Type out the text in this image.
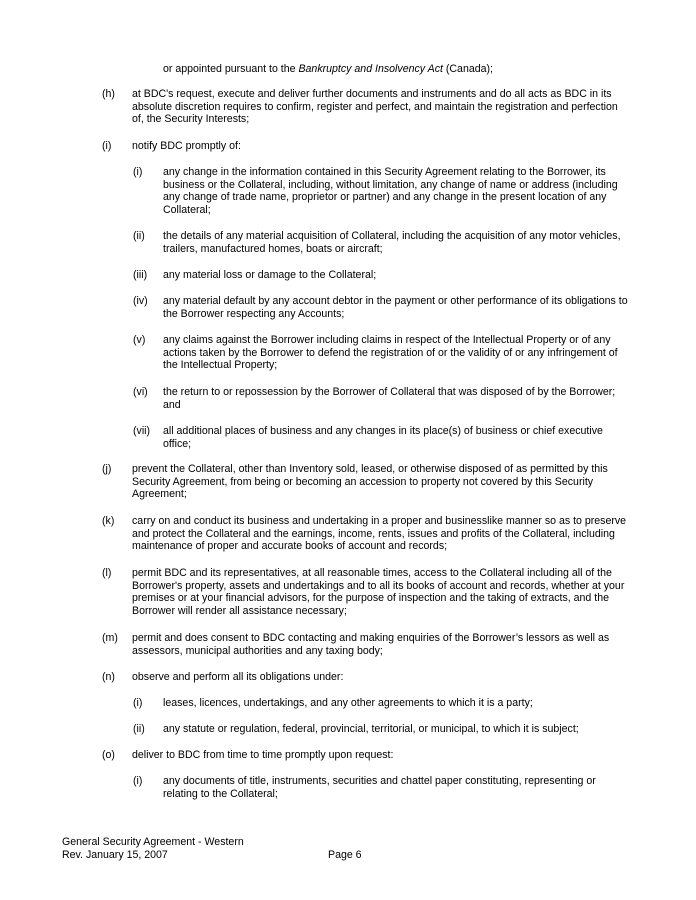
or appointed pursuant to the Bankruptcy and Insolvency Act (Canada);

(h) at BDC's request, execute and deliver further documents and instruments and do all acts as BDC in its absolute discretion requires to confirm, register and perfect, and maintain the registration and perfection of, the Security Interests;

(i) notify BDC promptly of:

(i) any change in the information contained in this Security Agreement relating to the Borrower, its business or the Collateral, including, without limitation, any change of name or address (including any change of trade name, proprietor or partner) and any change in the present location of any Collateral;

(ii) the details of any material acquisition of Collateral, including the acquisition of any motor vehicles, trailers, manufactured homes, boats or aircraft;

(iii) any material loss or damage to the Collateral;

(iv) any material default by any account debtor in the payment or other performance of its obligations to the Borrower respecting any Accounts;

(v) any claims against the Borrower including claims in respect of the Intellectual Property or of any actions taken by the Borrower to defend the registration of or the validity of or any infringement of the Intellectual Property;

(vi) the return to or repossession by the Borrower of Collateral that was disposed of by the Borrower; and

(vii) all additional places of business and any changes in its place(s) of business or chief executive office;

(j) prevent the Collateral, other than Inventory sold, leased, or otherwise disposed of as permitted by this Security Agreement, from being or becoming an accession to property not covered by this Security Agreement;

(k) carry on and conduct its business and undertaking in a proper and businesslike manner so as to preserve and protect the Collateral and the earnings, income, rents, issues and profits of the Collateral, including maintenance of proper and accurate books of account and records;

(l) permit BDC and its representatives, at all reasonable times, access to the Collateral including all of the Borrower's property, assets and undertakings and to all its books of account and records, whether at your premises or at your financial advisors, for the purpose of inspection and the taking of extracts, and the Borrower will render all assistance necessary;

(m) permit and does consent to BDC contacting and making enquiries of the Borrower’s lessors as well as assessors, municipal authorities and any taxing body;

(n) observe and perform all its obligations under:

(i) leases, licences, undertakings, and any other agreements to which it is a party;

(ii) any statute or regulation, federal, provincial, territorial, or municipal, to which it is subject;

(o) deliver to BDC from time to time promptly upon request:

(i) any documents of title, instruments, securities and chattel paper constituting, representing or relating to the Collateral;

General Security Agreement - Western
Rev. January 15, 2007	Page 6
